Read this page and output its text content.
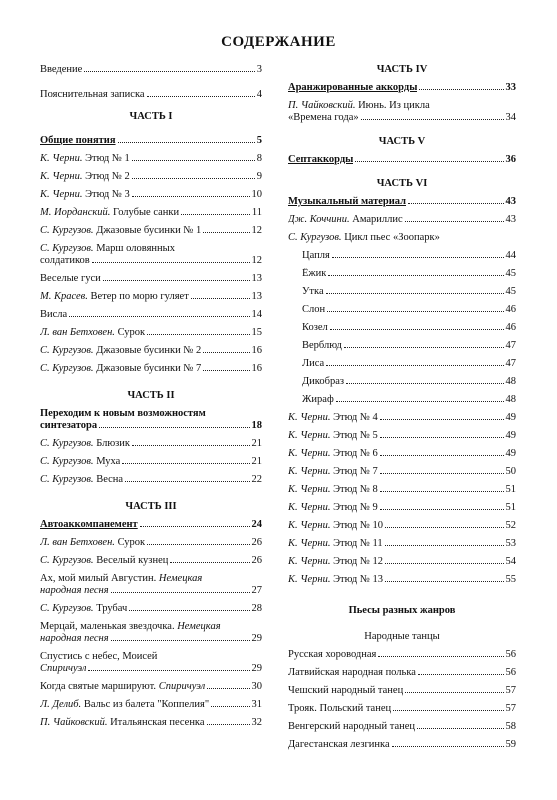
СОДЕРЖАНИЕ
Введение	3
Пояснительная записка	4
ЧАСТЬ I
Общие понятия	5
К. Черни. Этюд № 1	8
К. Черни. Этюд № 2	9
К. Черни. Этюд № 3	10
М. Иорданский. Голубые санки	11
С. Кургузов. Джазовые бусинки № 1	12
С. Кургузов. Марш оловянных
солдатиков	12
Веселые гуси	13
М. Красев. Ветер по морю гуляет	13
Висла	14
Л. ван Бетховен. Сурок	15
С. Кургузов. Джазовые бусинки № 2	16
С. Кургузов. Джазовые бусинки № 7	16
ЧАСТЬ II
Переходим к новым возможностям
синтезатора	18
С. Кургузов. Блюзик	21
С. Кургузов. Муха	21
С. Кургузов. Весна	22
ЧАСТЬ III
Автоаккомпанемент	24
Л. ван Бетховен. Сурок	26
С. Кургузов. Веселый кузнец	26
Ах, мой милый Августин. Немецкая
народная песня	27
С. Кургузов. Трубач	28
Мерцай, маленькая звездочка. Немецкая
народная песня	29
Спустись с небес, Моисей
Спиричуэл	29
Когда святые маршируют. Спиричуэл	30
Л. Делиб. Вальс из балета "Коппелия"	31
П. Чайковский. Итальянская песенка	32
ЧАСТЬ IV
Аранжированные аккорды	33
П. Чайковский. Июнь. Из цикла
«Времена года»	34
ЧАСТЬ V
Септаккорды	36
ЧАСТЬ VI
Музыкальный материал	43
Дж. Коччини. Амариллис	43
С. Кургузов. Цикл пьес «Зоопарк»
Цапля	44
Ёжик	45
Утка	45
Слон	46
Козел	46
Верблюд	47
Лиса	47
Дикобраз	48
Жираф	48
К. Черни. Этюд № 4	49
К. Черни. Этюд № 5	49
К. Черни. Этюд № 6	49
К. Черни. Этюд № 7	50
К. Черни. Этюд № 8	51
К. Черни. Этюд № 9	51
К. Черни. Этюд № 10	52
К. Черни. Этюд № 11	53
К. Черни. Этюд № 12	54
К. Черни. Этюд № 13	55
Пьесы разных жанров
Народные танцы
Русская хороводная	56
Латвийская народная полька	56
Чешский народный танец	57
Трояк. Польский танец	57
Венгерский народный танец	58
Дагестанская лезгинка	59
